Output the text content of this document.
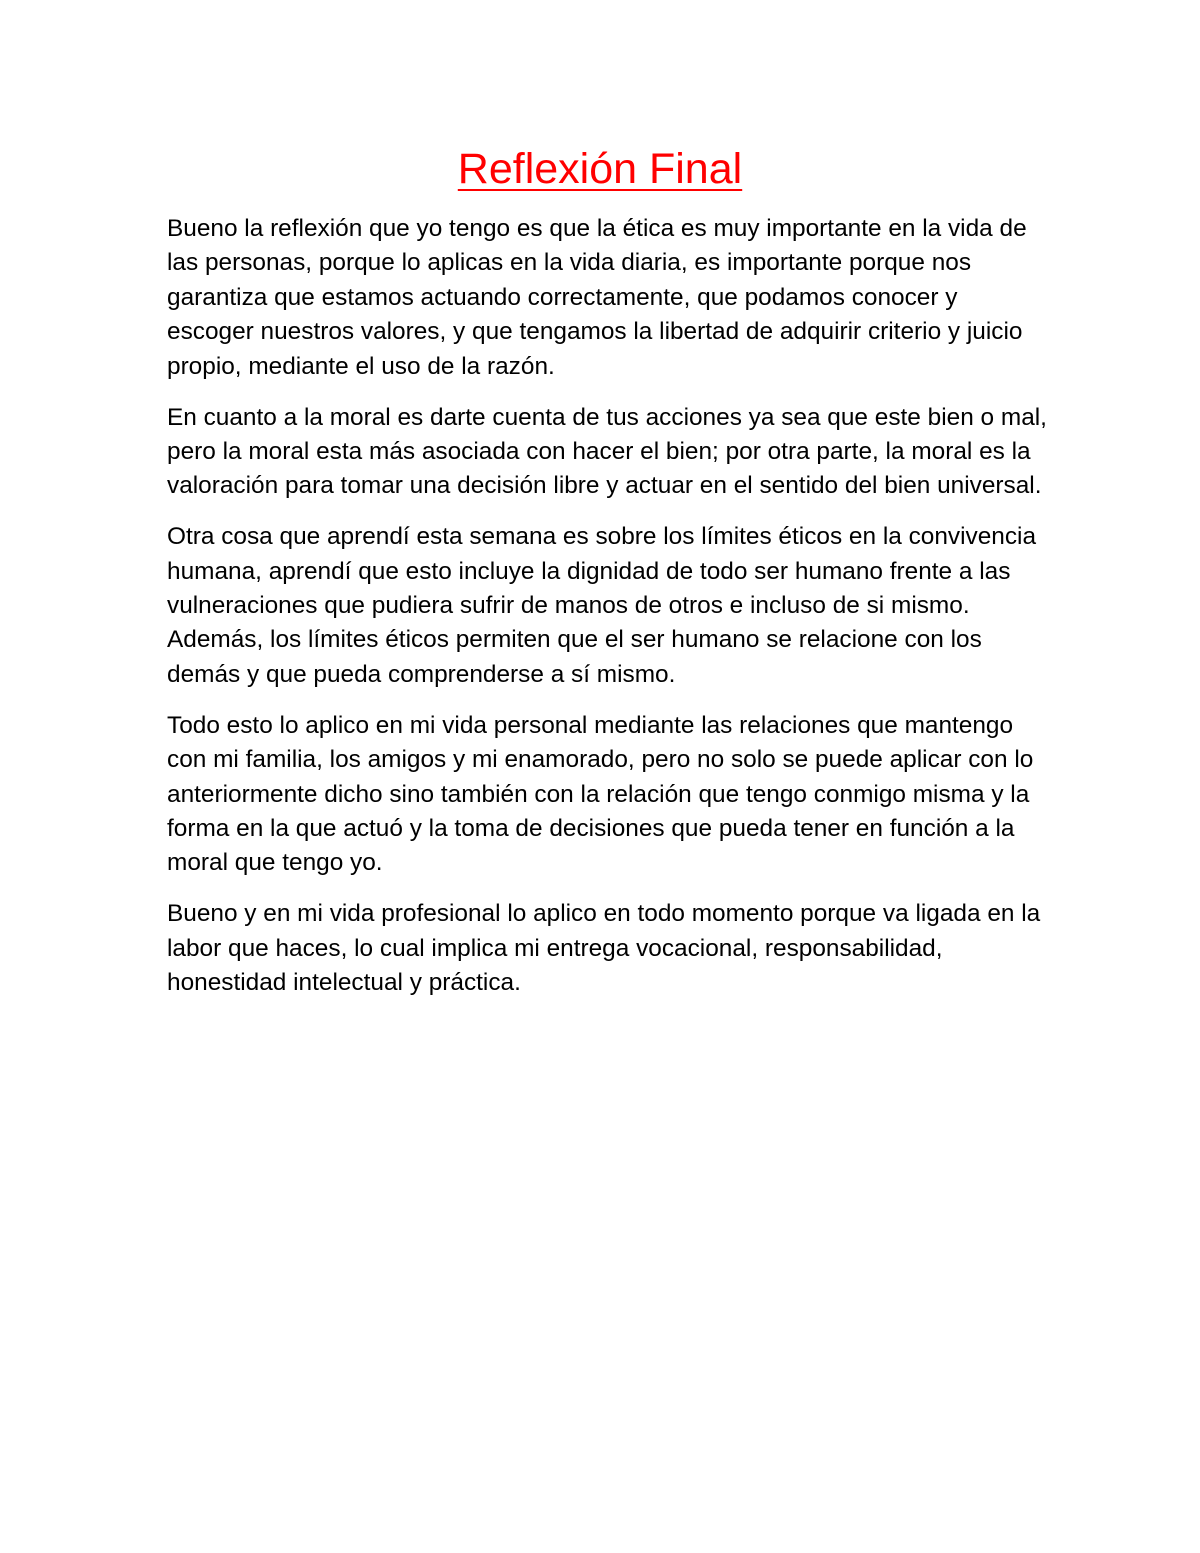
Reflexión Final

Bueno la reflexión que yo tengo es que la ética es muy importante en la vida de las personas, porque lo aplicas en la vida diaria, es importante porque nos garantiza que estamos actuando correctamente, que podamos conocer y escoger nuestros valores, y que tengamos la libertad de adquirir criterio y juicio propio, mediante el uso de la razón.

En cuanto a la moral es darte cuenta de tus acciones ya sea que este bien o mal, pero la moral esta más asociada con hacer el bien; por otra parte, la moral es la valoración para tomar una decisión libre y actuar en el sentido del bien universal.

Otra cosa que aprendí esta semana es sobre los límites éticos en la convivencia humana, aprendí que esto incluye la dignidad de todo ser humano frente a las vulneraciones que pudiera sufrir de manos de otros e incluso de si mismo. Además, los límites éticos permiten que el ser humano se relacione con los demás y que pueda comprenderse a sí mismo.

Todo esto lo aplico en mi vida personal mediante las relaciones que mantengo con mi familia, los amigos y mi enamorado, pero no solo se puede aplicar con lo anteriormente dicho sino también con la relación que tengo conmigo misma y la forma en la que actuó y la toma de decisiones que pueda tener en función a la moral que tengo yo.

Bueno y en mi vida profesional lo aplico en todo momento porque va ligada en la labor que haces, lo cual implica mi entrega vocacional, responsabilidad, honestidad intelectual y práctica.
